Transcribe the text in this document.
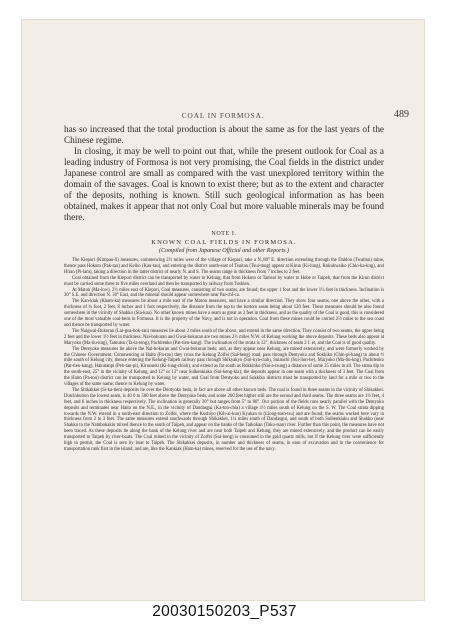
COAL IN FORMOSA.	489

has so increased that the total production is about the same as for the last years of the Chinese regime.

In closing, it may be well to point out that, while the present outlook for Coal as a leading industry of Formosa is not very promising, the Coal fields in the district under Japanese control are small as compared with the vast unexplored territory within the domain of the savages. Coal is known to exist there; but as to the extent and character of the deposits, nothing is known. Still such geological information as has been obtained, makes it appear that not only Coal but more valuable minerals may be found there.

NOTE I.
KNOWN COAL FIELDS IN FORMOSA.
(Compiled from Japanese Official and other Reports.)

The Kiepori (Kimpau-li) measures, commencing 2½ miles west of the village of Kiepori, take a N.,80° E. direction extending through the Dahlon (Twatlon) mine, thence pass Hokuto (Pak-tau) and Keiko (Kau-tau), and entering the district south-east of Tsuitan (Tsui-tong) appear at Kirun (Ki-lung), Rokukwaiko (Chio-ka-kng), and Hiran (Pi-lam), taking a direction in the latter district of nearly N. and S. The seams range in thickness from 7 inches to 2 feet.

Coal obtained from the Kiepori district can be transported by water to Kelung, that from Hokuto or Tamsui by water to Hobe or Taipeh, that from the Kirun district must be carried some three to five miles overland and then be transported by railway from Toshien.

At Maton (Ma-low), 2½ miles east of Kiepori, Coal measures, consisting of two seams, are found; the upper 1 foot and the lower 1¼ feet in thickness. Inclination is 30° S.E. and direction N. 30° East, and the mineral should appear somewhere near Pat-chi-ca.

The Kan-kiak (Kham-ka) measures lie about a mile east of the Maron measures, and have a similar direction. They show four seams, one above the other, with a thickness of ¾ foot, 2 feet, 8 inches and 1 foot respectively, the distance from the top to the bottom seam being about 120 feet. These measures should be also found somewhere in the vicinity of Shakko (Sia-koa). No other known mines have a seam as great as 3 feet in thickness, and as the quality of the Coal is good, this is considered one of the most valuable coal-beds in Formosa. It is the property of the Navy, and is not in operation. Coal from these mines could be carried 2½ miles to the sea coast and thence be transported by water.

The Naigwai-Bokuran (Lai-goa-bok-ran) measures lie about 2 miles south of the above, and extend in the same direction. They consist of two seams, the upper being 2 feet and the lower 1½ feet in thickness. Nai-bokuran and Gwai-bokuran are two mines 2½ miles N.W. of Kelung working the above deposits. These beds also appear at Maryoko (Ma-liu-kng), Tamutsu (Ta-la-teng), Pachitenko (Pat-tien-kang). The inclination of the strata is 12°, thickness of seam 2 f. et, and the Coal is of good quality.

The Dentyoko measures lie above the Nai-bokuran and Gwai-bokuran beds; and, as they appear near Kelung, are mined extensively, and were formerly worked by the Chinese Government. Commencing at Haito (Pa-tou) they cross the Kelung Zoifei (Sai-heng) road, pass through Dentyoko and Sokkiko (Chin-pi-kang) to about ½ mile south of Kelung city, thence entering the Kelung-Taipeh railway pass through Shikyakyo (Sui-kya-ciah), Suiauchi (Sui-lion-he), Maryoko (Ma-liu-kng), Pachitenko (Pat-tien-kang), Hakutanpi (Peh-tan-pi), Kirunseki (Ki-lung-chioh), and extend as far south as Rokkinko (Nai-a-tsung) a distance of some 25 miles in all. The strata dip to the south-east, 25° in the vicinity of Kelung, and 12° or 13° near Suikenkiaku (Sui-keng-kia); the deposits appear in one seam with a thickness of 3 feet. The Coal from the Haito (Pa-tou) district can be transported to Kelung by water, and Coal from Dentyoko and Sokkiko districts must be transported by land for a mile or two to the villages of the same name; thence to Kelung by water.

The Shikakkei (Si-ka-tien) deposits lie over the Dentyoko beds, in fact are above all other known beds. The coal is found in three seams in the vicinity of Shikakkei. Dutcinbution the lowest seam, is 40 0 to 500 feet above the Dentyoko beds, and some 200 feet higher still are the second and third seams. The three seams are 1½ feet, 4 feet, and 6 inches in thickness respectively. The inclination is generally 30° but ranges from 5° to 80°. Our portion of the fields runs nearly parallel with the Dentyoko deposits and terminates near Haito on the N.E., in the vicinity of Dandasgui (Ka-ton-chia) a village 1½ miles south of Kelung on the S. W. The Coal strata dipping towards the N.W. extend in a north-east direction to Zoifei, where the Koshiyo (Kih-ai-kun) Kyakan to (Liong-tsun-tsu) and are found; the seams worked here vary in thickness from 2 to 3 feet. The same measures extend southwards through Shikakkei, 1¼ miles south of Dandasgui, and south of both Suibenkiaku and Shakko (near Shakko to the Nambokakiu mixed thence to the south of Taipeh, and appear on the banks of the Taikokan (Toko-tsan) river. Further than this point, the measures have not been traced. As these deposits lie along the bank of the Kelung river and are near both Taipeh and Kelung, they are mined extensively, and the product can be easily transported to Taipeh by river-boats. The Coal mined in the vicinity of Zoifei (Sui-heng) is consumed in the gold quartz mills, but if the Kelung river were sufficiently high to permit, the Coal is sent by boat to Taipeh. The Shikakkei deposits, in number and thickness of seams, in ease of excavation and in the convenience for transportation rank first in the island, and are, like the Kankiak (Ham-ka) mines, reserved for the use of the navy.

20030150203_P537
